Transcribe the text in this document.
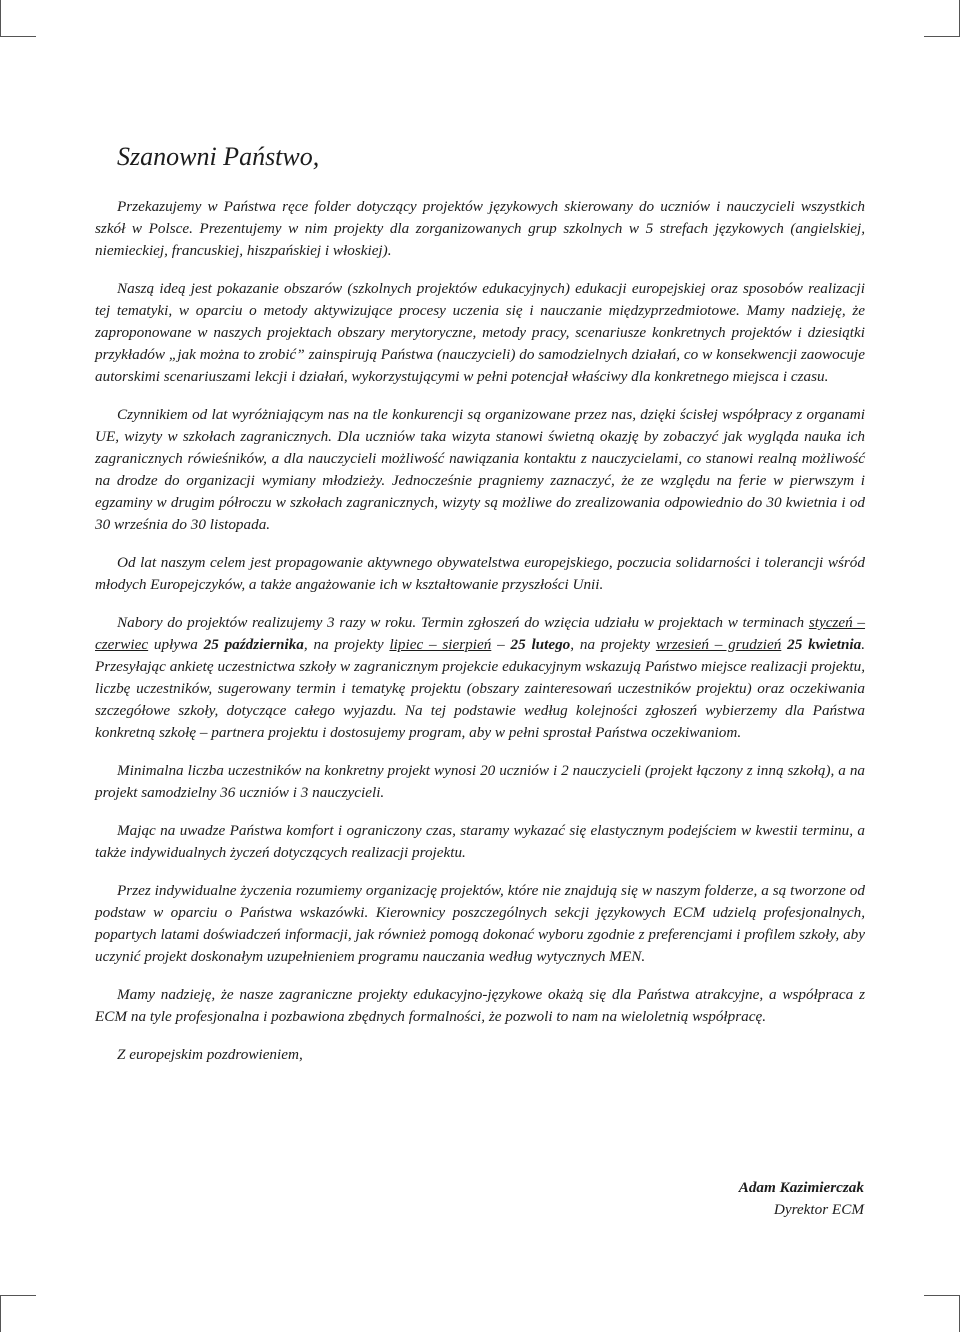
Szanowni Państwo,

Przekazujemy w Państwa ręce folder dotyczący projektów językowych skierowany do uczniów i nauczycieli wszystkich szkół w Polsce. Prezentujemy w nim projekty dla zorganizowanych grup szkolnych w 5 strefach językowych (angielskiej, niemieckiej, francuskiej, hiszpańskiej i włoskiej).

Naszą ideą jest pokazanie obszarów (szkolnych projektów edukacyjnych) edukacji europejskiej oraz sposobów realizacji tej tematyki, w oparciu o metody aktywizujące procesy uczenia się i nauczanie międzyprzedmiotowe. Mamy nadzieję, że zaproponowane w naszych projektach obszary merytoryczne, metody pracy, scenariusze konkretnych projektów i dziesiątki przykładów „jak można to zrobić” zainspirują Państwa (nauczycieli) do samodzielnych działań, co w konsekwencji zaowocuje autorskimi scenariuszami lekcji i działań, wykorzystującymi w pełni potencjał właściwy dla konkretnego miejsca i czasu.

Czynnikiem od lat wyróżniającym nas na tle konkurencji są organizowane przez nas, dzięki ścisłej współpracy z organami UE, wizyty w szkołach zagranicznych. Dla uczniów taka wizyta stanowi świetną okazję by zobaczyć jak wygląda nauka ich zagranicznych rówieśników, a dla nauczycieli możliwość nawiązania kontaktu z nauczycielami, co stanowi realną możliwość na drodze do organizacji wymiany młodzieży. Jednocześnie pragniemy zaznaczyć, że ze względu na ferie w pierwszym i egzaminy w drugim półroczu w szkołach zagranicznych, wizyty są możliwe do zrealizowania odpowiednio do 30 kwietnia i od 30 września do 30 listopada.

Od lat naszym celem jest propagowanie aktywnego obywatelstwa europejskiego, poczucia solidarności i tolerancji wśród młodych Europejczyków, a także angażowanie ich w kształtowanie przyszłości Unii.

Nabory do projektów realizujemy 3 razy w roku. Termin zgłoszeń do wzięcia udziału w projektach w terminach styczeń – czerwiec upływa 25 października, na projekty lipiec – sierpień – 25 lutego, na projekty wrzesień – grudzień 25 kwietnia. Przesyłając ankietę uczestnictwa szkoły w zagranicznym projekcie edukacyjnym wskazują Państwo miejsce realizacji projektu, liczbę uczestników, sugerowany termin i tematykę projektu (obszary zainteresowań uczestników projektu) oraz oczekiwania szczegółowe szkoły, dotyczące całego wyjazdu. Na tej podstawie według kolejności zgłoszeń wybierzemy dla Państwa konkretną szkołę – partnera projektu i dostosujemy program, aby w pełni sprostał Państwa oczekiwaniom.

Minimalna liczba uczestników na konkretny projekt wynosi 20 uczniów i 2 nauczycieli (projekt łączony z inną szkołą), a na projekt samodzielny 36 uczniów i 3 nauczycieli.

Mając na uwadze Państwa komfort i ograniczony czas, staramy wykazać się elastycznym podejściem w kwestii terminu, a także indywidualnych życzeń dotyczących realizacji projektu.

Przez indywidualne życzenia rozumiemy organizację projektów, które nie znajdują się w naszym folderze, a są tworzone od podstaw w oparciu o Państwa wskazówki. Kierownicy poszczególnych sekcji językowych ECM udzielą profesjonalnych, popartych latami doświadczeń informacji, jak również pomogą dokonać wyboru zgodnie z preferencjami i profilem szkoły, aby uczynić projekt doskonałym uzupełnieniem programu nauczania według wytycznych MEN.

Mamy nadzieję, że nasze zagraniczne projekty edukacyjno-językowe okażą się dla Państwa atrakcyjne, a współpraca z ECM na tyle profesjonalna i pozbawiona zbędnych formalności, że pozwoli to nam na wieloletnią współpracę.

Z europejskim pozdrowieniem,

Adam Kazimierczak
Dyrektor ECM
